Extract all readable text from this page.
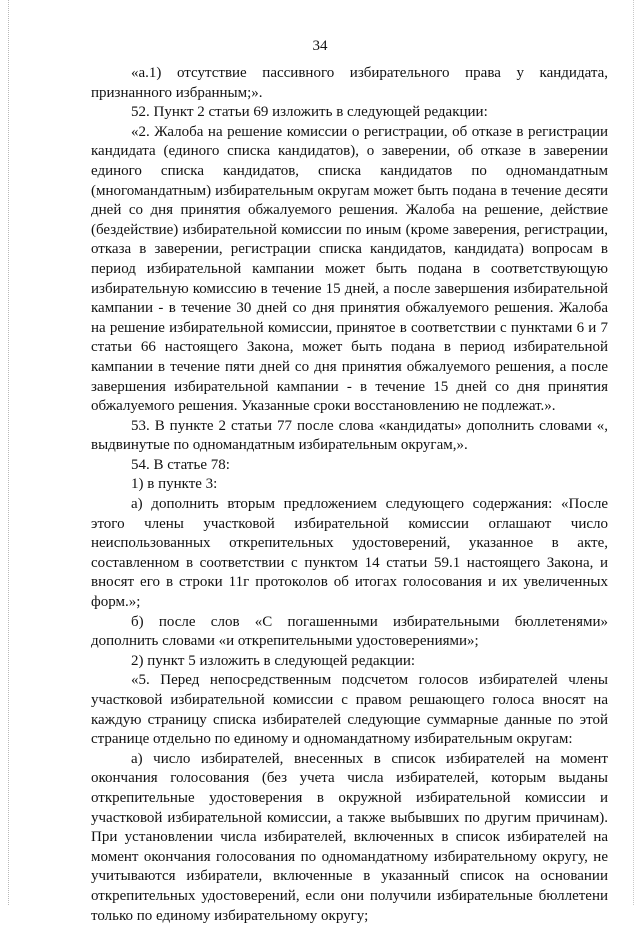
34

«а.1) отсутствие пассивного избирательного права у кандидата, признанного избранным;».

52. Пункт 2 статьи 69 изложить в следующей редакции:

«2. Жалоба на решение комиссии о регистрации, об отказе в регистрации кандидата (единого списка кандидатов), о заверении, об отказе в заверении единого списка кандидатов, списка кандидатов по одномандатным (многомандатным) избирательным округам может быть подана в течение десяти дней со дня принятия обжалуемого решения. Жалоба на решение, действие (бездействие) избирательной комиссии по иным (кроме заверения, регистрации, отказа в заверении, регистрации списка кандидатов, кандидата) вопросам в период избирательной кампании может быть подана в соответствующую избирательную комиссию в течение 15 дней, а после завершения избирательной кампании - в течение 30 дней со дня принятия обжалуемого решения. Жалоба на решение избирательной комиссии, принятое в соответствии с пунктами 6 и 7 статьи 66 настоящего Закона, может быть подана в период избирательной кампании в течение пяти дней со дня принятия обжалуемого решения, а после завершения избирательной кампании - в течение 15 дней со дня принятия обжалуемого решения. Указанные сроки восстановлению не подлежат.».

53. В пункте 2 статьи 77 после слова «кандидаты» дополнить словами «, выдвинутые по одномандатным избирательным округам,».

54. В статье 78:

1) в пункте 3:

а) дополнить вторым предложением следующего содержания: «После этого члены участковой избирательной комиссии оглашают число неиспользованных открепительных удостоверений, указанное в акте, составленном в соответствии с пунктом 14 статьи 59.1 настоящего Закона, и вносят его в строки 11г протоколов об итогах голосования и их увеличенных форм.»;

б) после слов «С погашенными избирательными бюллетенями» дополнить словами «и открепительными удостоверениями»;

2) пункт 5 изложить в следующей редакции:

«5. Перед непосредственным подсчетом голосов избирателей члены участковой избирательной комиссии с правом решающего голоса вносят на каждую страницу списка избирателей следующие суммарные данные по этой странице отдельно по единому и одномандатному избирательным округам:

а) число избирателей, внесенных в список избирателей на момент окончания голосования (без учета числа избирателей, которым выданы открепительные удостоверения в окружной избирательной комиссии и участковой избирательной комиссии, а также выбывших по другим причинам). При установлении числа избирателей, включенных в список избирателей на момент окончания голосования по одномандатному избирательному округу, не учитываются избиратели, включенные в указанный список на основании открепительных удостоверений, если они получили избирательные бюллетени только по единому избирательному округу;
